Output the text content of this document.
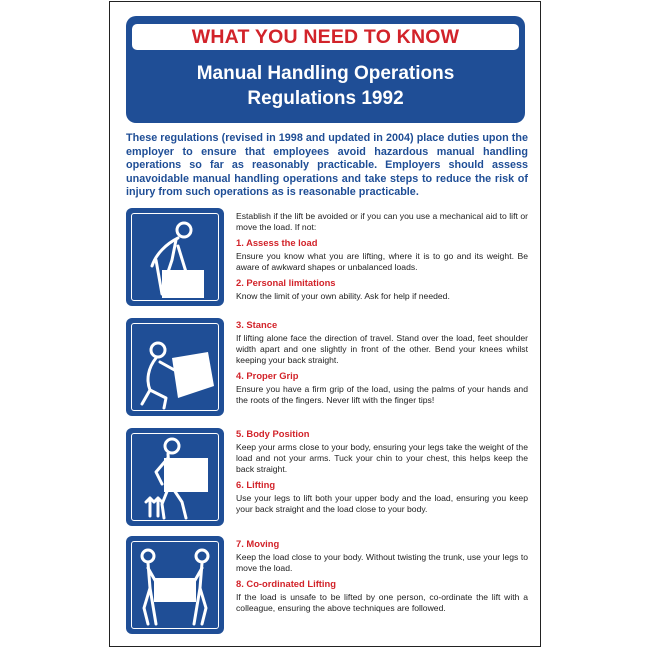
WHAT YOU NEED TO KNOW
Manual Handling Operations
Regulations 1992
These regulations (revised in 1998 and updated in 2004) place duties upon the employer to ensure that employees avoid hazardous manual handling operations so far as reasonably practicable. Employers should assess unavoidable manual handling operations and take steps to reduce the risk of injury from such operations as is reasonable practicable.

Establish if the lift be avoided or if you can you use a mechanical aid to lift or move the load. If not:

1. Assess the load

Ensure you know what you are lifting, where it is to go and its weight. Be aware of awkward shapes or unbalanced loads.

2. Personal limitations

Know the limit of your own ability. Ask for help if needed.

3. Stance

If lifting alone face the direction of travel. Stand over the load, feet shoulder width apart and one slightly in front of the other. Bend your knees whilst keeping your back straight.

4. Proper Grip

Ensure you have a firm grip of the load, using the palms of your hands and the roots of the fingers. Never lift with the finger tips!

5. Body Position

Keep your arms close to your body, ensuring your legs take the weight of the load and not your arms. Tuck your chin to your chest, this helps keep the back straight.

6. Lifting

Use your legs to lift both your upper body and the load, ensuring you keep your back straight and the load close to your body.

7. Moving

Keep the load close to your body. Without twisting the trunk, use your legs to move the load.

8. Co-ordinated Lifting

If the load is unsafe to be lifted by one person, co-ordinate the lift with a colleague, ensuring the above techniques are followed.
